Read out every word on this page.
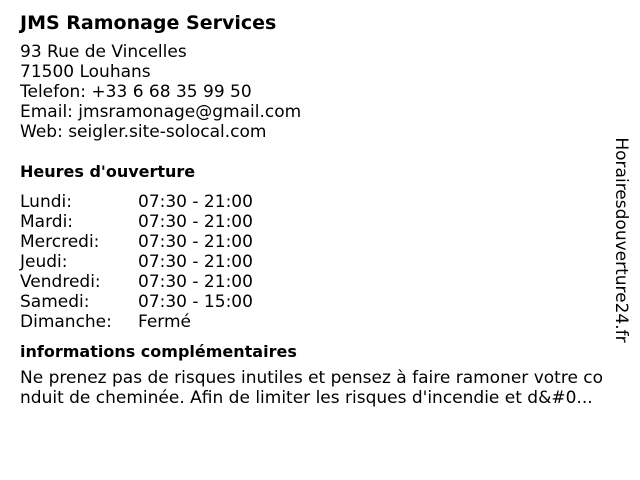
JMS Ramonage Services
93 Rue de Vincelles
71500 Louhans
Telefon: +33 6 68 35 99 50
Email: jmsramonage@gmail.com
Web: seigler.site-solocal.com
Heures d'ouverture
Lundi:	07:30 - 21:00
Mardi:	07:30 - 21:00
Mercredi:	07:30 - 21:00
Jeudi:	07:30 - 21:00
Vendredi:	07:30 - 21:00
Samedi:	07:30 - 15:00
Dimanche:	Fermé
informations complémentaires
Ne prenez pas de risques inutiles et pensez à faire ramoner votre conduit de cheminée. Afin de limiter les risques d'incendie et d&#0...
Horairesdouverture24.fr
